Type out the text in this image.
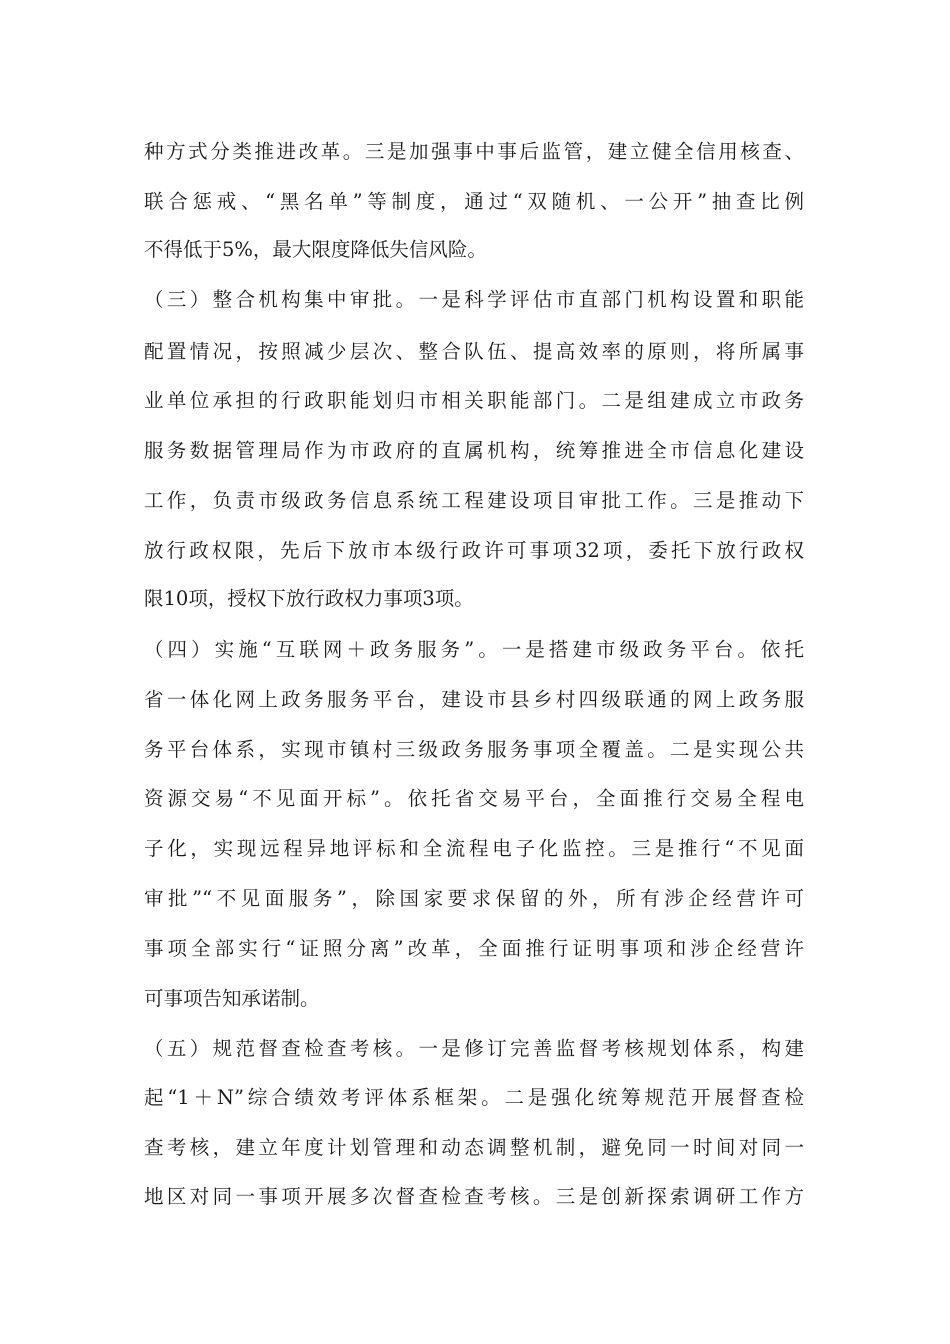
种方式分类推进改革。三是加强事中事后监管，建立健全信用核查、
联合惩戒、“黑名单”等制度，通过“双随机、一公开”抽查比例
不得低于5%，最大限度降低失信风险。
（三）整合机构集中审批。一是科学评估市直部门机构设置和职能
配置情况，按照减少层次、整合队伍、提高效率的原则，将所属事
业单位承担的行政职能划归市相关职能部门。二是组建成立市政务
服务数据管理局作为市政府的直属机构，统筹推进全市信息化建设
工作，负责市级政务信息系统工程建设项目审批工作。三是推动下
放行政权限，先后下放市本级行政许可事项32项，委托下放行政权
限10项，授权下放行政权力事项3项。
（四）实施“互联网＋政务服务”。一是搭建市级政务平台。依托
省一体化网上政务服务平台，建设市县乡村四级联通的网上政务服
务平台体系，实现市镇村三级政务服务事项全覆盖。二是实现公共
资源交易“不见面开标”。依托省交易平台，全面推行交易全程电
子化，实现远程异地评标和全流程电子化监控。三是推行“不见面
审批”“不见面服务”，除国家要求保留的外，所有涉企经营许可
事项全部实行“证照分离”改革，全面推行证明事项和涉企经营许
可事项告知承诺制。
（五）规范督查检查考核。一是修订完善监督考核规划体系，构建
起“1＋N”综合绩效考评体系框架。二是强化统筹规范开展督查检
查考核，建立年度计划管理和动态调整机制，避免同一时间对同一
地区对同一事项开展多次督查检查考核。三是创新探索调研工作方
